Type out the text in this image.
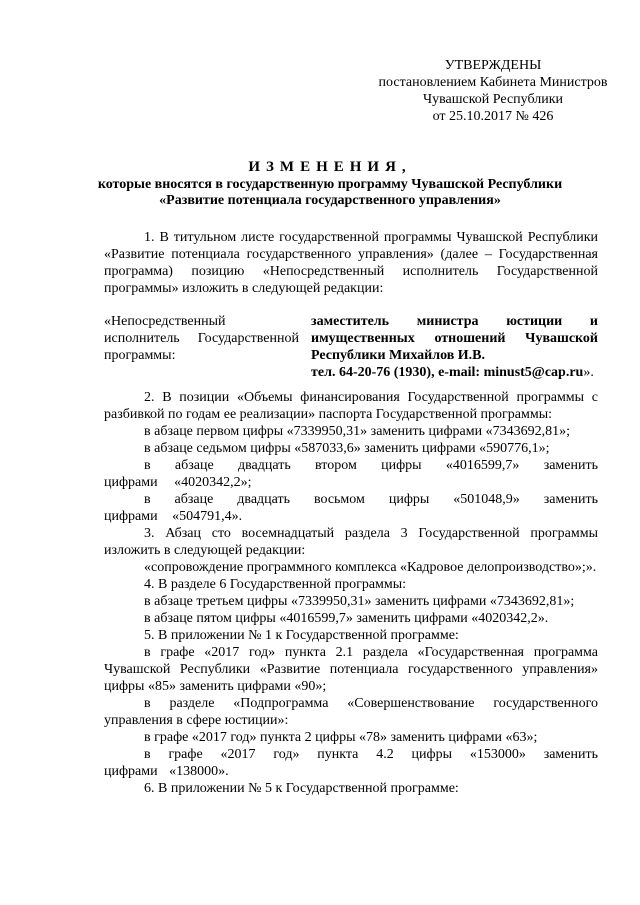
УТВЕРЖДЕНЫ
постановлением Кабинета Министров
Чувашской Республики
от 25.10.2017 № 426
ИЗМЕНЕНИЯ,
которые вносятся в государственную программу Чувашской Республики
«Развитие потенциала государственного управления»

1. В титульном листе государственной программы Чувашской Республики «Развитие потенциала государственного управления» (далее – Государственная программа) позицию «Непосредственный исполнитель Государственной программы» изложить в следующей редакции:

«Непосредственный исполнитель Государственной программы:
заместитель министра юстиции и имущественных отношений Чувашской Республики Михайлов И.В.
тел. 64-20-76 (1930), e-mail: minust5@cap.ru».

2. В позиции «Объемы финансирования Государственной программы с разбивкой по годам ее реализации» паспорта Государственной программы:

в абзаце первом цифры «7339950,31» заменить цифрами «7343692,81»;

в абзаце седьмом цифры «587033,6» заменить цифрами «590776,1»;

в абзаце двадцать втором цифры «4016599,7» заменить цифрами «4020342,2»;

в абзаце двадцать восьмом цифры «501048,9» заменить цифрами «504791,4».

3. Абзац сто восемнадцатый раздела 3 Государственной программы изложить в следующей редакции:

«сопровождение программного комплекса «Кадровое делопроизводство»;».

4. В разделе 6 Государственной программы:

в абзаце третьем цифры «7339950,31» заменить цифрами «7343692,81»;

в абзаце пятом цифры «4016599,7» заменить цифрами «4020342,2».

5. В приложении № 1 к Государственной программе:

в графе «2017 год» пункта 2.1 раздела «Государственная программа Чувашской Республики «Развитие потенциала государственного управления» цифры «85» заменить цифрами «90»;

в разделе «Подпрограмма «Совершенствование государственного управления в сфере юстиции»:

в графе «2017 год» пункта 2 цифры «78» заменить цифрами «63»;

в графе «2017 год» пункта 4.2 цифры «153000» заменить цифрами «138000».

6. В приложении № 5 к Государственной программе:
